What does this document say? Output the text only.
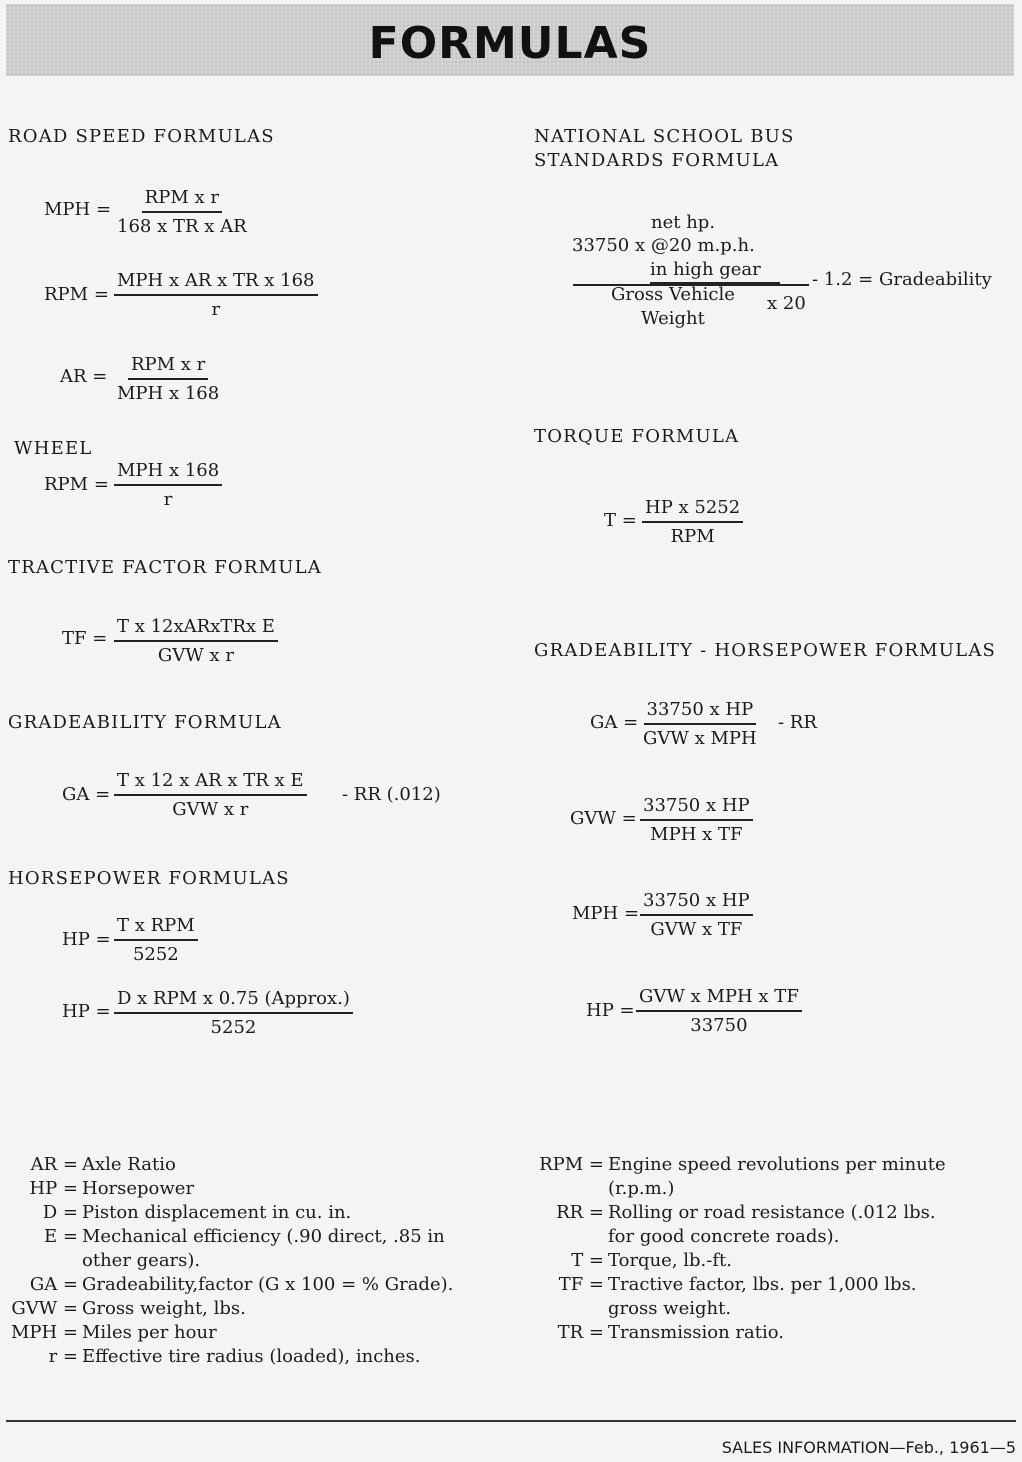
FORMULAS
ROAD SPEED FORMULAS
MPH =
RPM x r
168 x TR x AR
RPM =
MPH x AR x TR x 168
r
AR =
RPM x r
MPH x 168
WHEEL
RPM =
MPH x 168
r
TRACTIVE FACTOR FORMULA
TF =
T x 12xARxTRx E
GVW x r
GRADEABILITY FORMULA
GA =
T x 12 x AR x TR x E
GVW x r
- RR (.012)
HORSEPOWER FORMULAS
HP =
T x RPM
5252
HP =
D x RPM x 0.75 (Approx.)
5252
NATIONAL SCHOOL BUS
STANDARDS FORMULA
net hp.
33750 x @20 m.p.h.
in high gear
Gross Vehicle
Weight
x 20
- 1.2 = Gradeability
TORQUE FORMULA
T =
HP x 5252
RPM
GRADEABILITY - HORSEPOWER FORMULAS
GA =
33750 x HP
GVW x MPH
- RR
GVW =
33750 x HP
MPH x TF
MPH =
33750 x HP
GVW x TF
HP =
GVW x MPH x TF
33750
AR = Axle Ratio
HP = Horsepower
D = Piston displacement in cu. in.
E = Mechanical efficiency (.90 direct, .85 in
other gears).
GA = Gradeability,factor (G x 100 = % Grade).
GVW = Gross weight, lbs.
MPH = Miles per hour
r = Effective tire radius (loaded), inches.
RPM = Engine speed revolutions per minute
(r.p.m.)
RR = Rolling or road resistance (.012 lbs.
for good concrete roads).
T = Torque, lb.-ft.
TF = Tractive factor, lbs. per 1,000 lbs.
gross weight.
TR = Transmission ratio.
SALES INFORMATION—Feb., 1961—5
